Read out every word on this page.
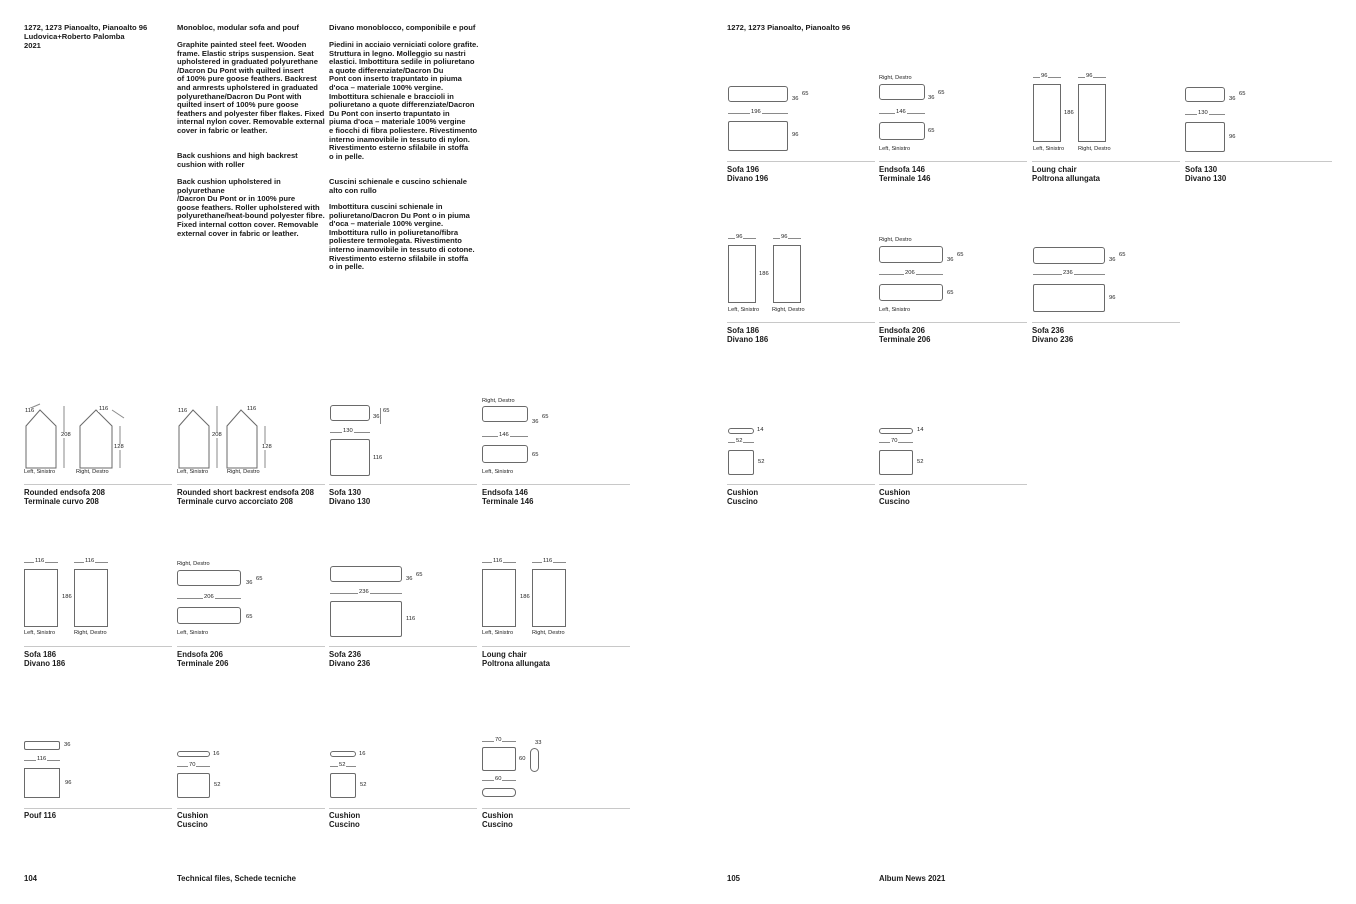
1272, 1273 Pianoalto, Pianoalto 96
Ludovica+Roberto Palomba
2021
Monobloc, modular sofa and pouf
Graphite painted steel feet. Wooden
frame. Elastic strips suspension. Seat
upholstered in graduated polyurethane
/Dacron Du Pont with quilted insert
of 100% pure goose feathers. Backrest
and armrests upholstered in graduated
polyurethane/Dacron Du Pont with
quilted insert of 100% pure goose
feathers and polyester fiber flakes. Fixed
internal nylon cover. Removable external
cover in fabric or leather.
Back cushions and high backrest
cushion with roller
Back cushion upholstered in polyurethane
/Dacron Du Pont or in 100% pure
goose feathers. Roller upholstered with
polyurethane/heat-bound polyester fibre.
Fixed internal cotton cover. Removable
external cover in fabric or leather.
Divano monoblocco, componibile e pouf
Piedini in acciaio verniciati colore grafite.
Struttura in legno. Molleggio su nastri
elastici. Imbottitura sedile in poliuretano
a quote differenziate/Dacron Du
Pont con inserto trapuntato in piuma
d'oca – materiale 100% vergine.
Imbottitura schienale e braccioli in
poliuretano a quote differenziate/Dacron
Du Pont con inserto trapuntato in
piuma d'oca – materiale 100% vergine
e fiocchi di fibra poliestere. Rivestimento
interno inamovibile in tessuto di nylon.
Rivestimento esterno sfilabile in stoffa
o in pelle.
Cuscini schienale e cuscino schienale
alto con rullo
Imbottitura cuscini schienale in
poliuretano/Dacron Du Pont o in piuma
d'oca – materiale 100% vergine.
Imbottitura rullo in poliuretano/fibra
poliestere termolegata. Rivestimento
interno inamovibile in tessuto di cotone.
Rivestimento esterno sfilabile in stoffa
o in pelle.
116
208
116
128
Left, Sinistro	Right, Destro
Rounded endsofa 208
Terminale curvo 208
116
208
116
128
Left, Sinistro	Right, Destro
Rounded short backrest endsofa 208
Terminale curvo accorciato 208
36
65
130
116
Sofa 130
Divano 130
Right, Destro
36
65
146
65
Left, Sinistro
Endsofa 146
Terminale 146
116	116
186
Left, Sinistro	Right, Destro
Sofa 186
Divano 186
Right, Destro
36
65
206
65
Left, Sinistro
Endsofa 206
Terminale 206
36
65
236
116
Sofa 236
Divano 236
116	116
186
Left, Sinistro	Right, Destro
Loung chair
Poltrona allungata
36
116
96
Pouf 116
16
70
52
Cushion
Cuscino
16
52
52
Cushion
Cuscino
70
60
33
60
Cushion
Cuscino
104	Technical files, Schede tecniche
1272, 1273 Pianoalto, Pianoalto 96
36
65
196
96
Sofa 196
Divano 196
Right, Destro
36
65
146
65
Left, Sinistro
Endsofa 146
Terminale 146
96	96
186
Left, Sinistro Right, Destro
Loung chair
Poltrona allungata
36
65
130
96
Sofa 130
Divano 130
96	96
186
Left, Sinistro Right, Destro
Sofa 186
Divano 186
Right, Destro
36
65
206
65
Left, Sinistro
Endsofa 206
Terminale 206
36
65
236
96
Sofa 236
Divano 236
14
52
52
Cushion
Cuscino
14
70
52
Cushion
Cuscino
105	Album News 2021
